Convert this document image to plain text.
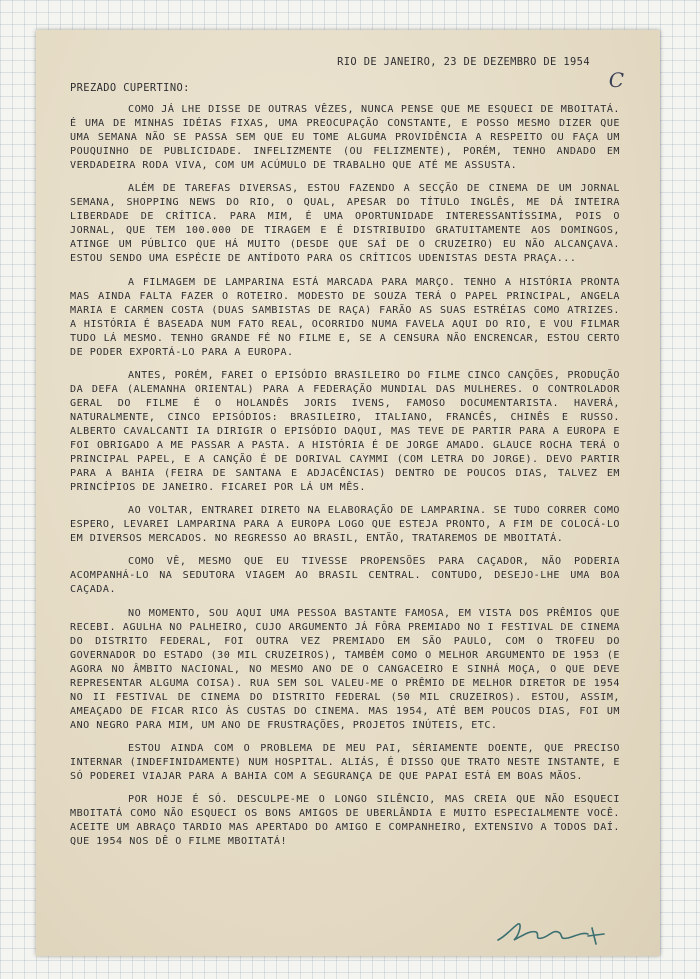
C
RIO DE JANEIRO, 23 DE DEZEMBRO DE 1954
PREZADO CUPERTINO:
COMO JÁ LHE DISSE DE OUTRAS VÊZES, NUNCA PENSE QUE ME ESQUECI DE MBOITATÁ. É UMA DE MINHAS IDÉIAS FIXAS, UMA PREOCUPAÇÃO CONSTANTE, E POSSO MESMO DIZER QUE UMA SEMANA NÃO SE PASSA SEM QUE EU TOME ALGUMA PROVIDÊNCIA A RESPEITO OU FAÇA UM POUQUINHO DE PUBLICIDADE. INFELIZMENTE (OU FELIZMENTE), PORÉM, TENHO ANDADO EM VERDADEIRA RODA VIVA, COM UM ACÚMULO DE TRABALHO QUE ATÉ ME ASSUSTA.
ALÉM DE TAREFAS DIVERSAS, ESTOU FAZENDO A SECÇÃO DE CINEMA DE UM JORNAL SEMANA, SHOPPING NEWS DO RIO, O QUAL, APESAR DO TÍTULO INGLÊS, ME DÁ INTEIRA LIBERDADE DE CRÍTICA. PARA MIM, É UMA OPORTUNIDADE INTERESSANTÍSSIMA, POIS O JORNAL, QUE TEM 100.000 DE TIRAGEM E É DISTRIBUIDO GRATUITAMENTE AOS DOMINGOS, ATINGE UM PÚBLICO QUE HÁ MUITO (DESDE QUE SAÍ DE O CRUZEIRO) EU NÃO ALCANÇAVA. ESTOU SENDO UMA ESPÉCIE DE ANTÍDOTO PARA OS CRÍTICOS UDENISTAS DESTA PRAÇA...
A FILMAGEM DE LAMPARINA ESTÁ MARCADA PARA MARÇO. TENHO A HISTÓRIA PRONTA MAS AINDA FALTA FAZER O ROTEIRO. MODESTO DE SOUZA TERÁ O PAPEL PRINCIPAL, ANGELA MARIA E CARMEN COSTA (DUAS SAMBISTAS DE RAÇA) FARÃO AS SUAS ESTRÉIAS COMO ATRIZES. A HISTÓRIA É BASEADA NUM FATO REAL, OCORRIDO NUMA FAVELA AQUI DO RIO, E VOU FILMAR TUDO LÁ MESMO. TENHO GRANDE FÉ NO FILME E, SE A CENSURA NÃO ENCRENCAR, ESTOU CERTO DE PODER EXPORTÁ-LO PARA A EUROPA.
ANTES, PORÉM, FAREI O EPISÓDIO BRASILEIRO DO FILME CINCO CANÇÕES, PRODUÇÃO DA DEFA (ALEMANHA ORIENTAL) PARA A FEDERAÇÃO MUNDIAL DAS MULHERES. O CONTROLADOR GERAL DO FILME É O HOLANDÊS JORIS IVENS, FAMOSO DOCUMENTARISTA. HAVERÁ, NATURALMENTE, CINCO EPISÓDIOS: BRASILEIRO, ITALIANO, FRANCÊS, CHINÊS E RUSSO. ALBERTO CAVALCANTI IA DIRIGIR O EPISÓDIO DAQUI, MAS TEVE DE PARTIR PARA A EUROPA E FOI OBRIGADO A ME PASSAR A PASTA. A HISTÓRIA É DE JORGE AMADO. GLAUCE ROCHA TERÁ O PRINCIPAL PAPEL, E A CANÇÃO É DE DORIVAL CAYMMI (COM LETRA DO JORGE). DEVO PARTIR PARA A BAHIA (FEIRA DE SANTANA E ADJACÊNCIAS) DENTRO DE POUCOS DIAS, TALVEZ EM PRINCÍPIOS DE JANEIRO. FICAREI POR LÁ UM MÊS.
AO VOLTAR, ENTRAREI DIRETO NA ELABORAÇÃO DE LAMPARINA. SE TUDO CORRER COMO ESPERO, LEVAREI LAMPARINA PARA A EUROPA LOGO QUE ESTEJA PRONTO, A FIM DE COLOCÁ-LO EM DIVERSOS MERCADOS. NO REGRESSO AO BRASIL, ENTÃO, TRATAREMOS DE MBOITATÁ.
COMO VÊ, MESMO QUE EU TIVESSE PROPENSÕES PARA CAÇADOR, NÃO PODERIA ACOMPANHÁ-LO NA SEDUTORA VIAGEM AO BRASIL CENTRAL. CONTUDO, DESEJO-LHE UMA BOA CAÇADA.
NO MOMENTO, SOU AQUI UMA PESSOA BASTANTE FAMOSA, EM VISTA DOS PRÊMIOS QUE RECEBI. AGULHA NO PALHEIRO, CUJO ARGUMENTO JÁ FÔRA PREMIADO NO I FESTIVAL DE CINEMA DO DISTRITO FEDERAL, FOI OUTRA VEZ PREMIADO EM SÃO PAULO, COM O TROFEU DO GOVERNADOR DO ESTADO (30 MIL CRUZEIROS), TAMBÉM COMO O MELHOR ARGUMENTO DE 1953 (E AGORA NO ÂMBITO NACIONAL, NO MESMO ANO DE O CANGACEIRO E SINHÁ MOÇA, O QUE DEVE REPRESENTAR ALGUMA COISA). RUA SEM SOL VALEU-ME O PRÊMIO DE MELHOR DIRETOR DE 1954 NO II FESTIVAL DE CINEMA DO DISTRITO FEDERAL (50 MIL CRUZEIROS). ESTOU, ASSIM, AMEAÇADO DE FICAR RICO ÀS CUSTAS DO CINEMA. MAS 1954, ATÉ BEM POUCOS DIAS, FOI UM ANO NEGRO PARA MIM, UM ANO DE FRUSTRAÇÕES, PROJETOS INÚTEIS, ETC.
ESTOU AINDA COM O PROBLEMA DE MEU PAI, SÈRIAMENTE DOENTE, QUE PRECISO INTERNAR (INDEFINIDAMENTE) NUM HOSPITAL. ALIÁS, É DISSO QUE TRATO NESTE INSTANTE, E SÓ PODEREI VIAJAR PARA A BAHIA COM A SEGURANÇA DE QUE PAPAI ESTÁ EM BOAS MÃOS.
POR HOJE É SÓ. DESCULPE-ME O LONGO SILÊNCIO, MAS CREIA QUE NÃO ESQUECI MBOITATÁ COMO NÃO ESQUECI OS BONS AMIGOS DE UBERLÂNDIA E MUITO ESPECIALMENTE VOCÊ. ACEITE UM ABRAÇO TARDIO MAS APERTADO DO AMIGO E COMPANHEIRO, EXTENSIVO A TODOS DAÍ. QUE 1954 NOS DÊ O FILME MBOITATÁ!
